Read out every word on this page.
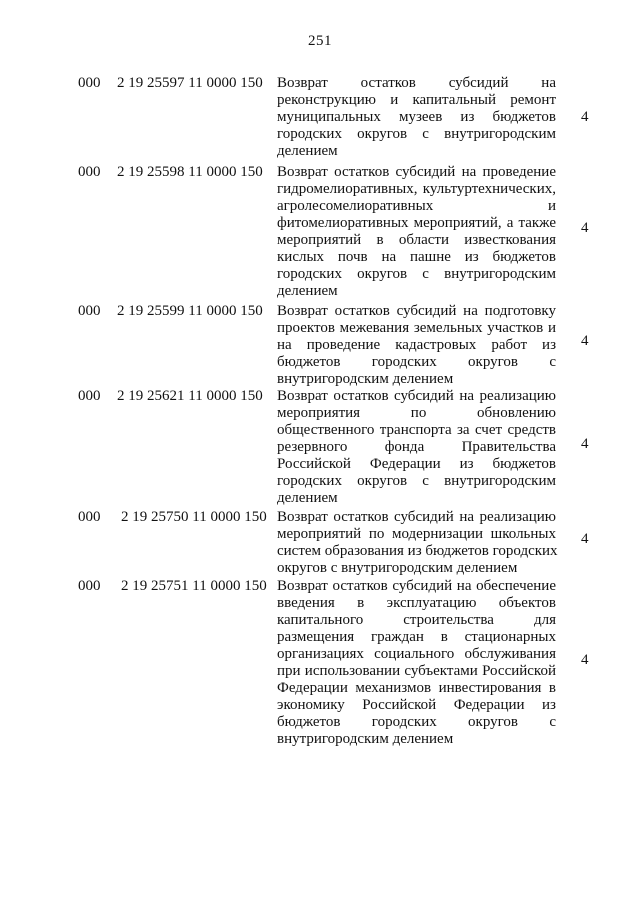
251
000 2 19 25597 11 0000 150 Возврат остатков субсидий на
реконструкцию и капитальный ремонт
муниципальных музеев из бюджетов
городских округов с внутригородским
делением
4
000 2 19 25598 11 0000 150 Возврат остатков субсидий на проведение
гидромелиоративных, культуртехнических,
агролесомелиоративных и
фитомелиоративных мероприятий, а также
мероприятий в области известкования
кислых почв на пашне из бюджетов
городских округов с внутригородским
делением
4
000 2 19 25599 11 0000 150 Возврат остатков субсидий на подготовку
проектов межевания земельных участков и
на проведение кадастровых работ из
бюджетов городских округов с
внутригородским делением
4
000 2 19 25621 11 0000 150 Возврат остатков субсидий на реализацию
мероприятия по обновлению
общественного транспорта за счет средств
резервного фонда Правительства
Российской Федерации из бюджетов
городских округов с внутригородским
делением
4
000 2 19 25750 11 0000 150 Возврат остатков субсидий на реализацию
мероприятий по модернизации школьных
систем образования из бюджетов городских
округов с внутригородским делением
4
000 2 19 25751 11 0000 150 Возврат остатков субсидий на обеспечение
введения в эксплуатацию объектов
капитального строительства для
размещения граждан в стационарных
организациях социального обслуживания
при использовании субъектами Российской
Федерации механизмов инвестирования в
экономику Российской Федерации из
бюджетов городских округов с
внутригородским делением
4
